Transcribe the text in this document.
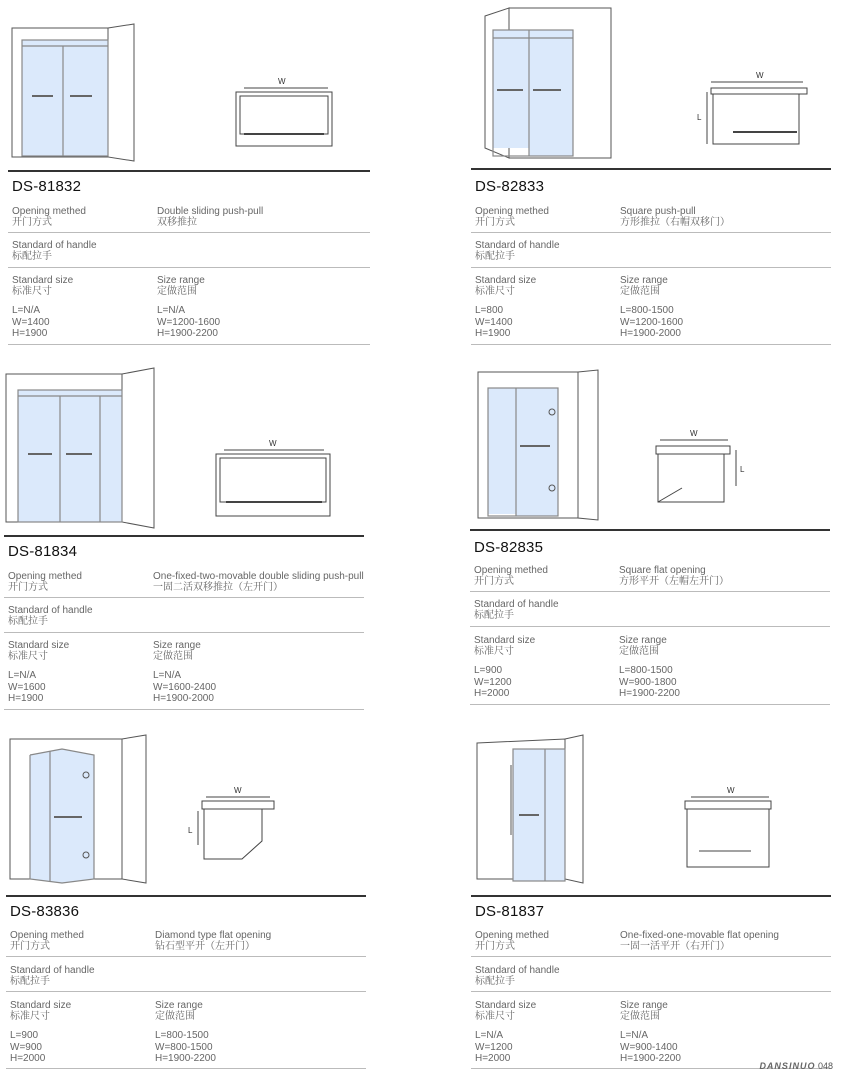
W
DS-81832
Opening methed
开门方式
Double sliding push-pull
双移推拉
Standard of handle
标配拉手
Standard size
标准尺寸
Size range
定做范围
L=N/A
W=1400
H=1900
L=N/A
W=1200-1600
H=1900-2200
W
L
DS-82833
Opening methed
开门方式
Square push-pull
方形推拉（右帽双移门）
Standard of handle
标配拉手
Standard size
标准尺寸
Size range
定做范围
L=800
W=1400
H=1900
L=800-1500
W=1200-1600
H=1900-2000
W
DS-81834
Opening methed
开门方式
One-fixed-two-movable double sliding push-pull
一固二活双移推拉（左开门）
Standard of handle
标配拉手
Standard size
标准尺寸
Size range
定做范围
L=N/A
W=1600
H=1900
L=N/A
W=1600-2400
H=1900-2000
W
L
DS-82835
Opening methed
开门方式
Square flat opening
方形平开（左帽左开门）
Standard of handle
标配拉手
Standard size
标准尺寸
Size range
定做范围
L=900
W=1200
H=2000
L=800-1500
W=900-1800
H=1900-2200
W
L
DS-83836
Opening methed
开门方式
Diamond type flat opening
钻石型平开（左开门）
Standard of handle
标配拉手
Standard size
标准尺寸
Size range
定做范围
L=900
W=900
H=2000
L=800-1500
W=800-1500
H=1900-2200
W
DS-81837
Opening methed
开门方式
One-fixed-one-movable flat opening
一固一活平开（右开门）
Standard of handle
标配拉手
Standard size
标准尺寸
Size range
定做范围
L=N/A
W=1200
H=2000
L=N/A
W=900-1400
H=1900-2200
DANSINUO 048
